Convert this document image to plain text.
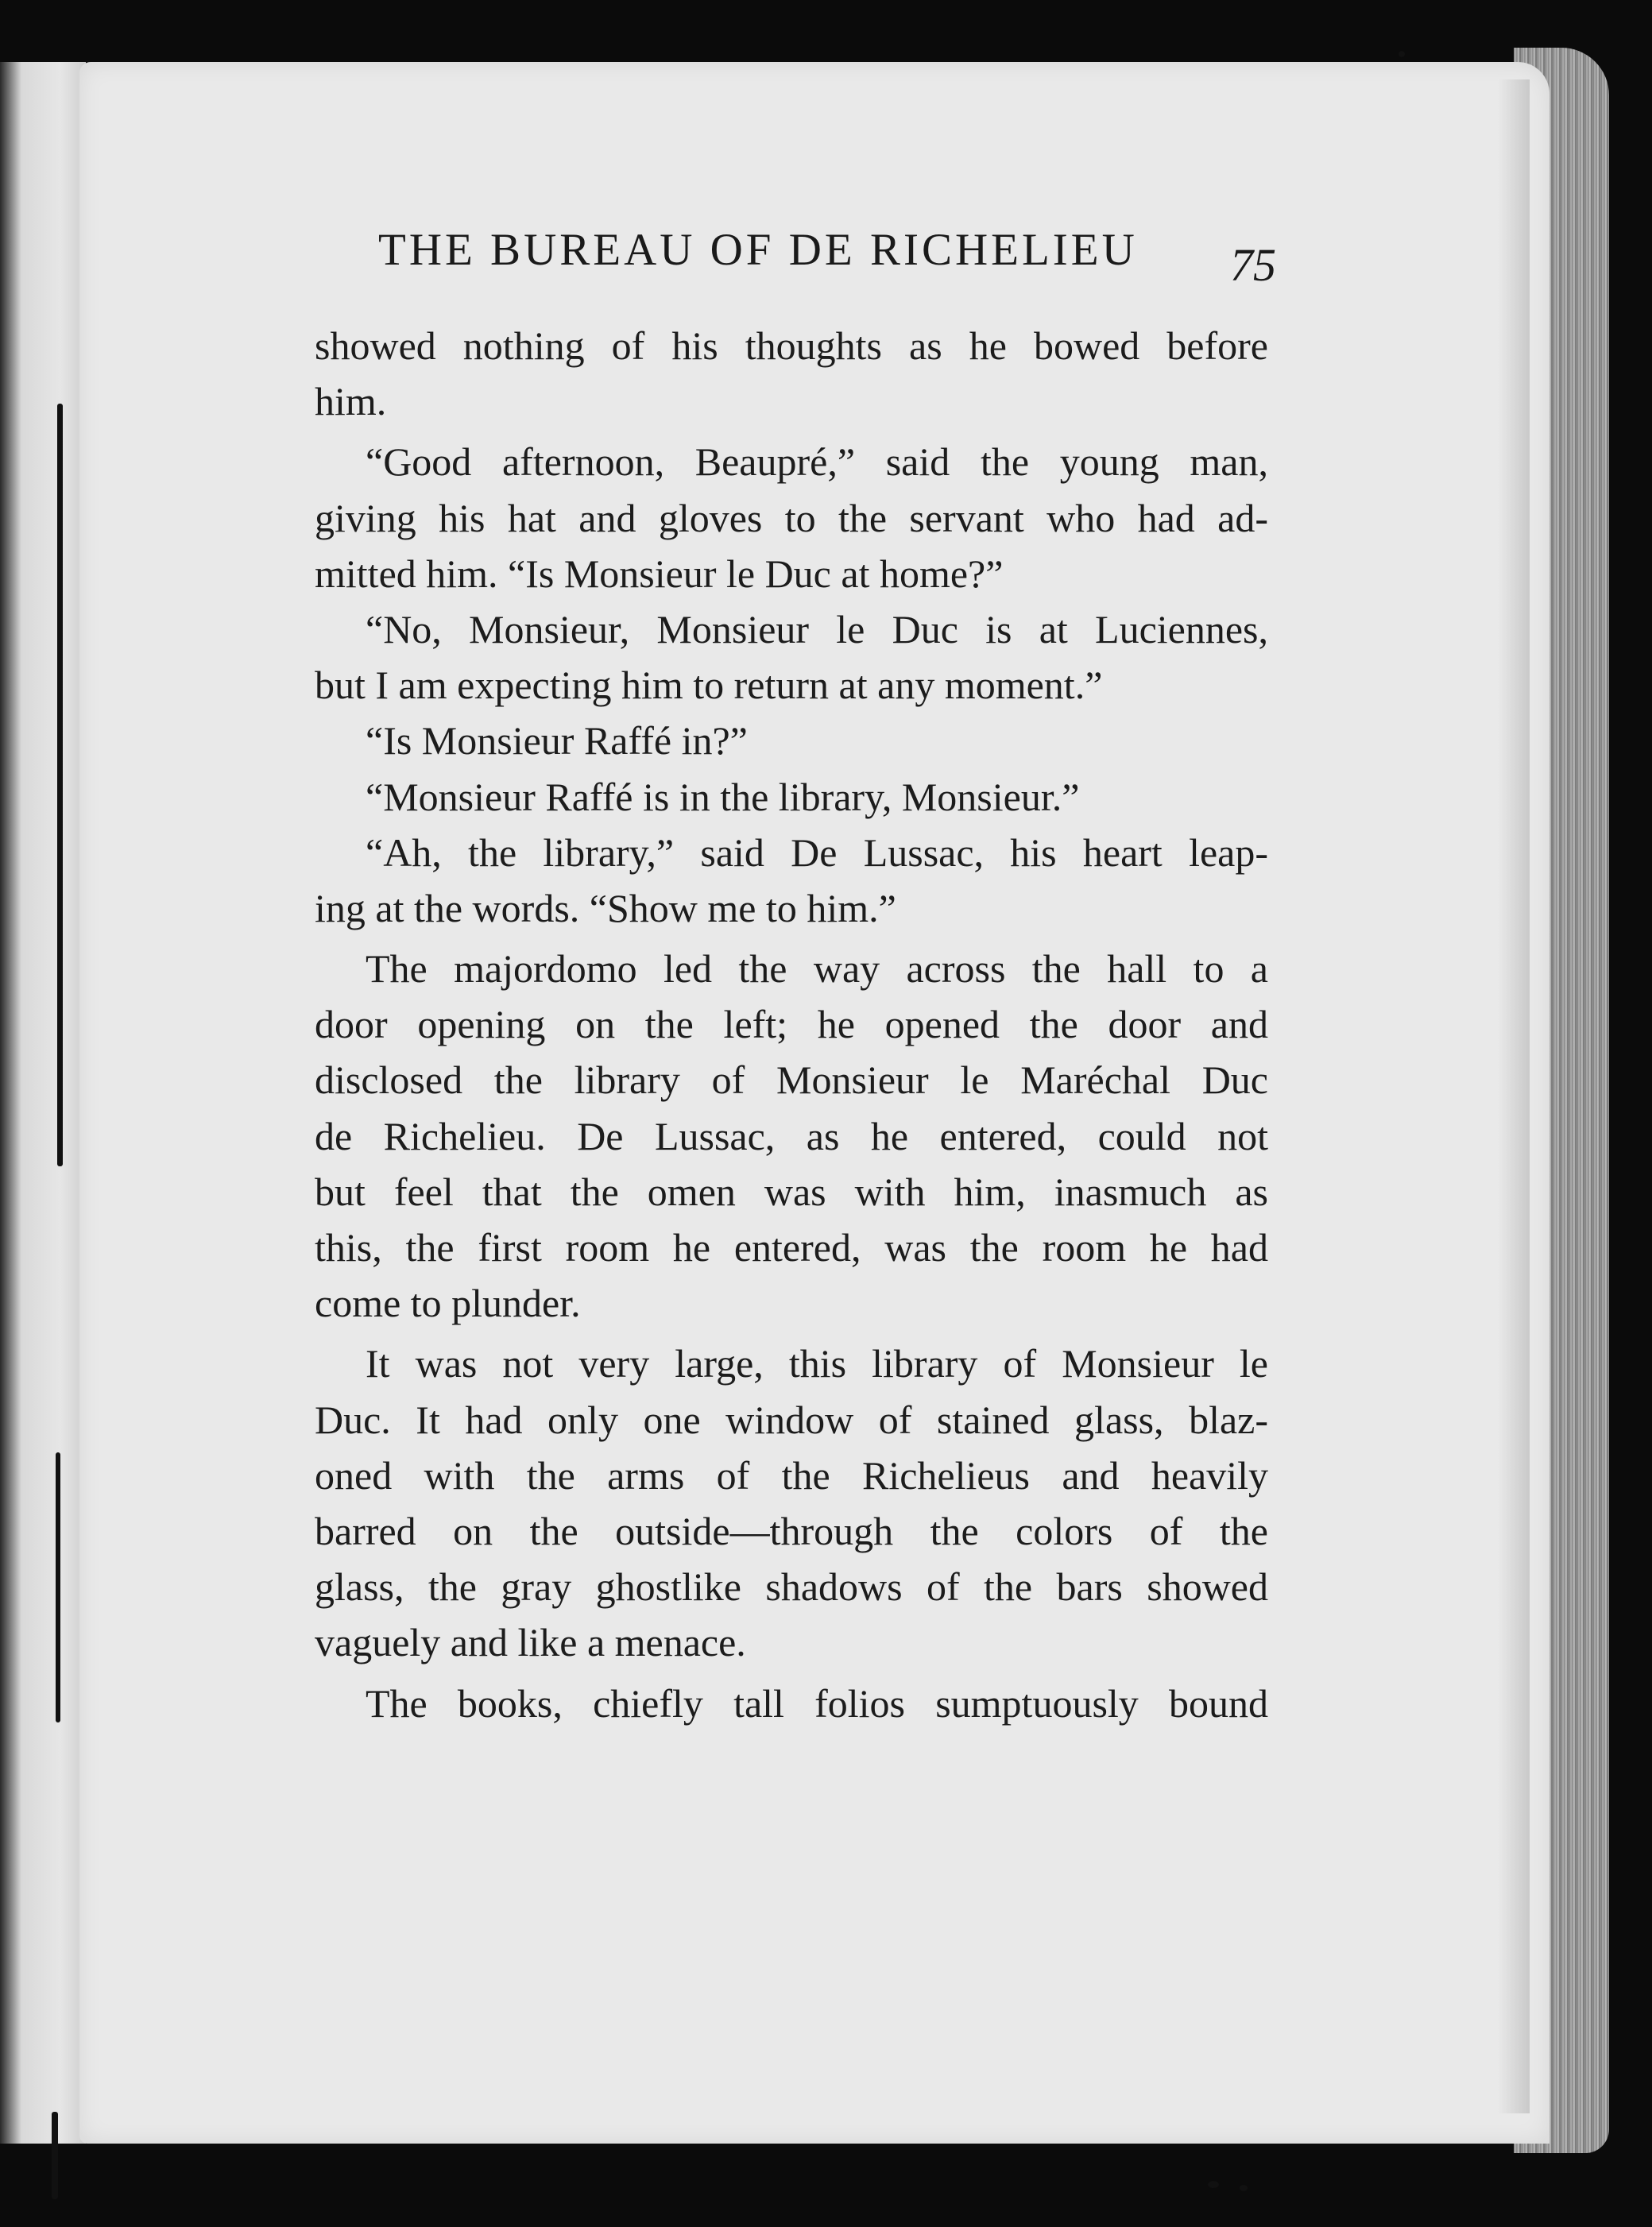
THE BUREAU OF DE RICHELIEU	75
showed nothing of his thoughts as he bowed before
him.
“Good afternoon, Beaupré,” said the young man,
giving his hat and gloves to the servant who had ad-
mitted him. “Is Monsieur le Duc at home?”
“No, Monsieur, Monsieur le Duc is at Luciennes,
but I am expecting him to return at any moment.”
“Is Monsieur Raffé in?”
“Monsieur Raffé is in the library, Monsieur.”
“Ah, the library,” said De Lussac, his heart leap-
ing at the words. “Show me to him.”
The majordomo led the way across the hall to a
door opening on the left; he opened the door and
disclosed the library of Monsieur le Maréchal Duc
de Richelieu. De Lussac, as he entered, could not
but feel that the omen was with him, inasmuch as
this, the first room he entered, was the room he had
come to plunder.
It was not very large, this library of Monsieur le
Duc. It had only one window of stained glass, blaz-
oned with the arms of the Richelieus and heavily
barred on the outside—through the colors of the
glass, the gray ghostlike shadows of the bars showed
vaguely and like a menace.
The books, chiefly tall folios sumptuously bound
